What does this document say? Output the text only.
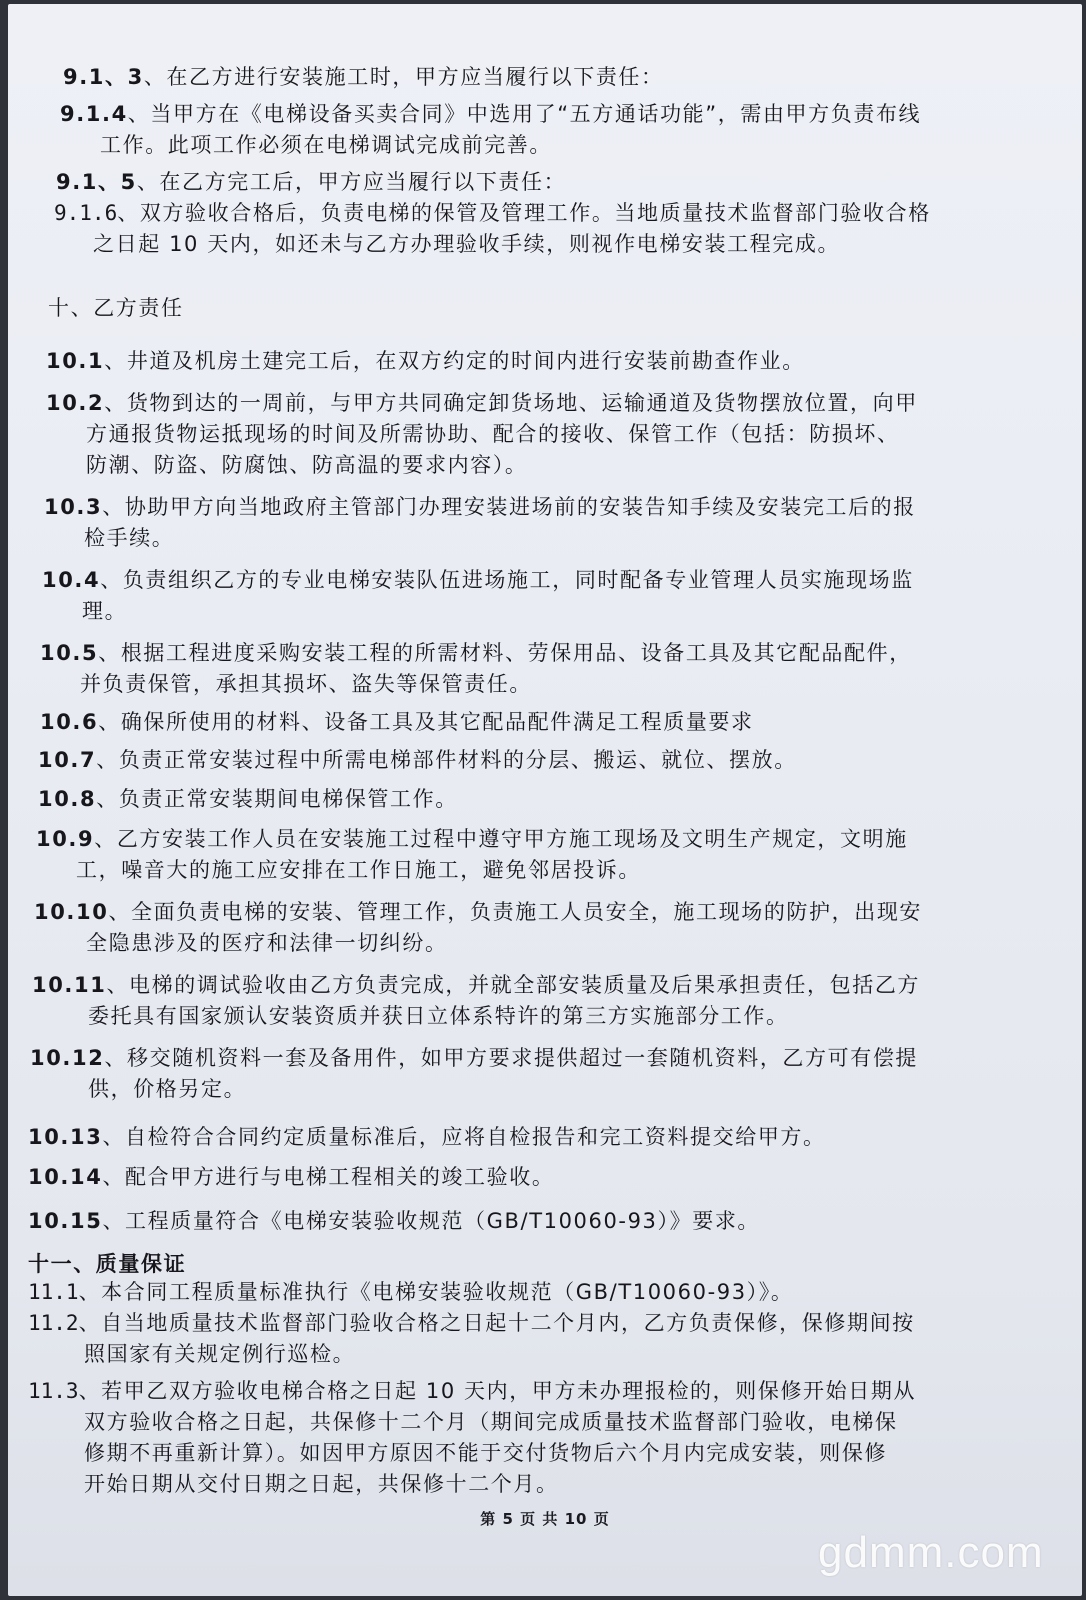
9.1、3、在乙方进行安装施工时，甲方应当履行以下责任：
9.1.4、当甲方在《电梯设备买卖合同》中选用了“五方通话功能”，需由甲方负责布线
工作。此项工作必须在电梯调试完成前完善。
9.1、5、在乙方完工后，甲方应当履行以下责任：
9.1.6、双方验收合格后，负责电梯的保管及管理工作。当地质量技术监督部门验收合格
之日起 10 天内，如还未与乙方办理验收手续，则视作电梯安装工程完成。
十、乙方责任
10.1、井道及机房土建完工后，在双方约定的时间内进行安装前勘查作业。
10.2、货物到达的一周前，与甲方共同确定卸货场地、运输通道及货物摆放位置，向甲
方通报货物运抵现场的时间及所需协助、配合的接收、保管工作（包括：防损坏、
防潮、防盗、防腐蚀、防高温的要求内容）。
10.3、协助甲方向当地政府主管部门办理安装进场前的安装告知手续及安装完工后的报
检手续。
10.4、负责组织乙方的专业电梯安装队伍进场施工，同时配备专业管理人员实施现场监
理。
10.5、根据工程进度采购安装工程的所需材料、劳保用品、设备工具及其它配品配件，
并负责保管，承担其损坏、盗失等保管责任。
10.6、确保所使用的材料、设备工具及其它配品配件满足工程质量要求
10.7、负责正常安装过程中所需电梯部件材料的分层、搬运、就位、摆放。
10.8、负责正常安装期间电梯保管工作。
10.9、乙方安装工作人员在安装施工过程中遵守甲方施工现场及文明生产规定，文明施
工，噪音大的施工应安排在工作日施工，避免邻居投诉。
10.10、全面负责电梯的安装、管理工作，负责施工人员安全，施工现场的防护，出现安
全隐患涉及的医疗和法律一切纠纷。
10.11、电梯的调试验收由乙方负责完成，并就全部安装质量及后果承担责任，包括乙方
委托具有国家颁认安装资质并获日立体系特许的第三方实施部分工作。
10.12、移交随机资料一套及备用件，如甲方要求提供超过一套随机资料，乙方可有偿提
供，价格另定。
10.13、自检符合合同约定质量标准后，应将自检报告和完工资料提交给甲方。
10.14、配合甲方进行与电梯工程相关的竣工验收。
10.15、工程质量符合《电梯安装验收规范（GB/T10060-93）》要求。
十一、质量保证
11.1、本合同工程质量标准执行《电梯安装验收规范（GB/T10060-93）》。
11.2、自当地质量技术监督部门验收合格之日起十二个月内，乙方负责保修，保修期间按
照国家有关规定例行巡检。
11.3、若甲乙双方验收电梯合格之日起 10 天内，甲方未办理报检的，则保修开始日期从
双方验收合格之日起，共保修十二个月（期间完成质量技术监督部门验收，电梯保
修期不再重新计算）。如因甲方原因不能于交付货物后六个月内完成安装，则保修
开始日期从交付日期之日起，共保修十二个月。
第 5 页 共 10 页
gdmm.com
